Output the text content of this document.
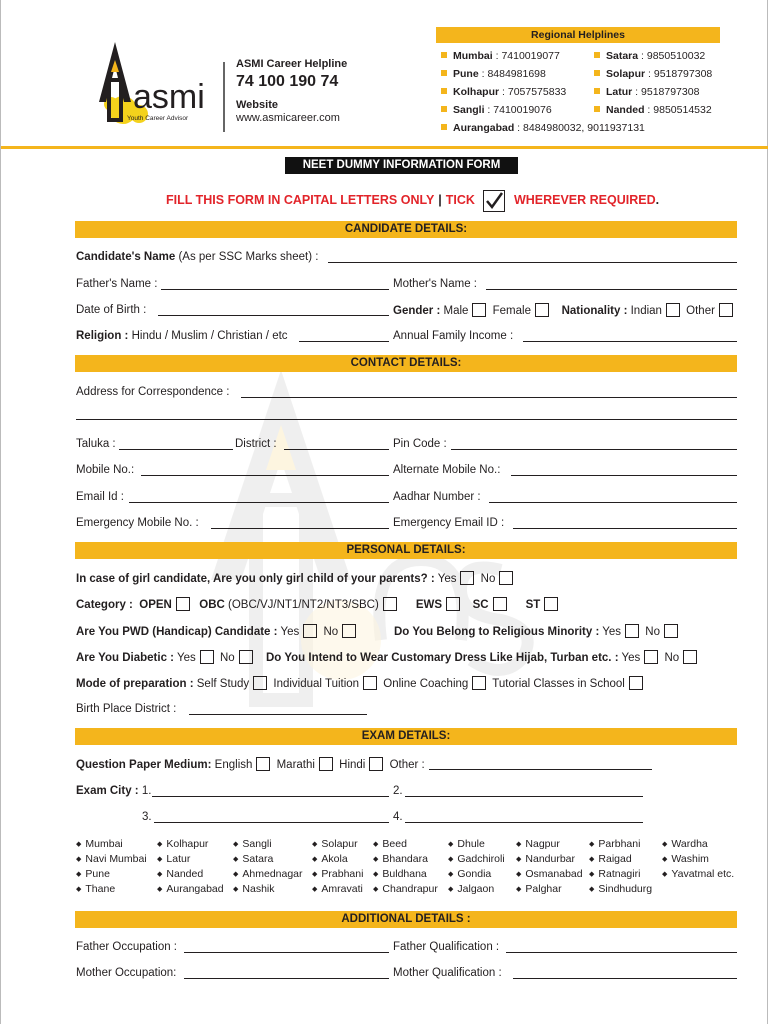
asmi
Youth Career Advisor
ASMI Career Helpline
74 100 190 74
Website
www.asmicareer.com
Regional Helplines
Mumbai : 7410019077
Pune : 8484981698
Kolhapur : 7057575833
Sangli : 7410019076
Aurangabad : 8484980032, 9011937131
Satara : 9850510032
Solapur : 9518797308
Latur : 9518797308
Nanded : 9850514532
NEET DUMMY INFORMATION FORM
FILL THIS FORM IN CAPITAL LETTERS ONLY | TICK	WHEREVER REQUIRED.
CANDIDATE DETAILS:
Candidate's Name (As per SSC Marks sheet) :
Father's Name :	Mother's Name :
Date of Birth :	Gender : Male Female	Nationality : Indian Other
Religion : Hindu / Muslim / Christian / etc	Annual Family Income :
CONTACT DETAILS:
Address for Correspondence :
Taluka :	District :	Pin Code :
Mobile No.:	Alternate Mobile No.:
Email Id :	Aadhar Number :
Emergency Mobile No. :	Emergency Email ID :
PERSONAL DETAILS:
In case of girl candidate, Are you only girl child of your parents? : Yes No
Category : OPEN OBC (OBC/VJ/NT1/NT2/NT3/SBC)	EWS	SC	ST
Are You PWD (Handicap) Candidate : Yes No	Do You Belong to Religious Minority : Yes No
Are You Diabetic : Yes No	Do You Intend to Wear Customary Dress Like Hijab, Turban etc. : Yes No
Mode of preparation : Self Study Individual Tuition Online Coaching Tutorial Classes in School
Birth Place District :
EXAM DETAILS:
Question Paper Medium: English Marathi Hindi Other :
Exam City : 1.	2.
3.	4.
◆ Mumbai
◆ Navi Mumbai
◆ Pune
◆ Thane
◆ Kolhapur
◆ Latur
◆ Nanded
◆ Aurangabad
◆ Sangli
◆ Satara
◆ Ahmednagar
◆ Nashik
◆ Solapur
◆ Akola
◆ Prabhani
◆ Amravati
◆ Beed
◆ Bhandara
◆ Buldhana
◆ Chandrapur
◆ Dhule
◆ Gadchiroli
◆ Gondia
◆ Jalgaon
◆ Nagpur
◆ Nandurbar
◆ Osmanabad
◆ Palghar
◆ Parbhani
◆ Raigad
◆ Ratnagiri
◆ Sindhudurg
◆ Wardha
◆ Washim
◆ Yavatmal etc.
ADDITIONAL DETAILS :
Father Occupation :	Father Qualification :
Mother Occupation:	Mother Qualification :
